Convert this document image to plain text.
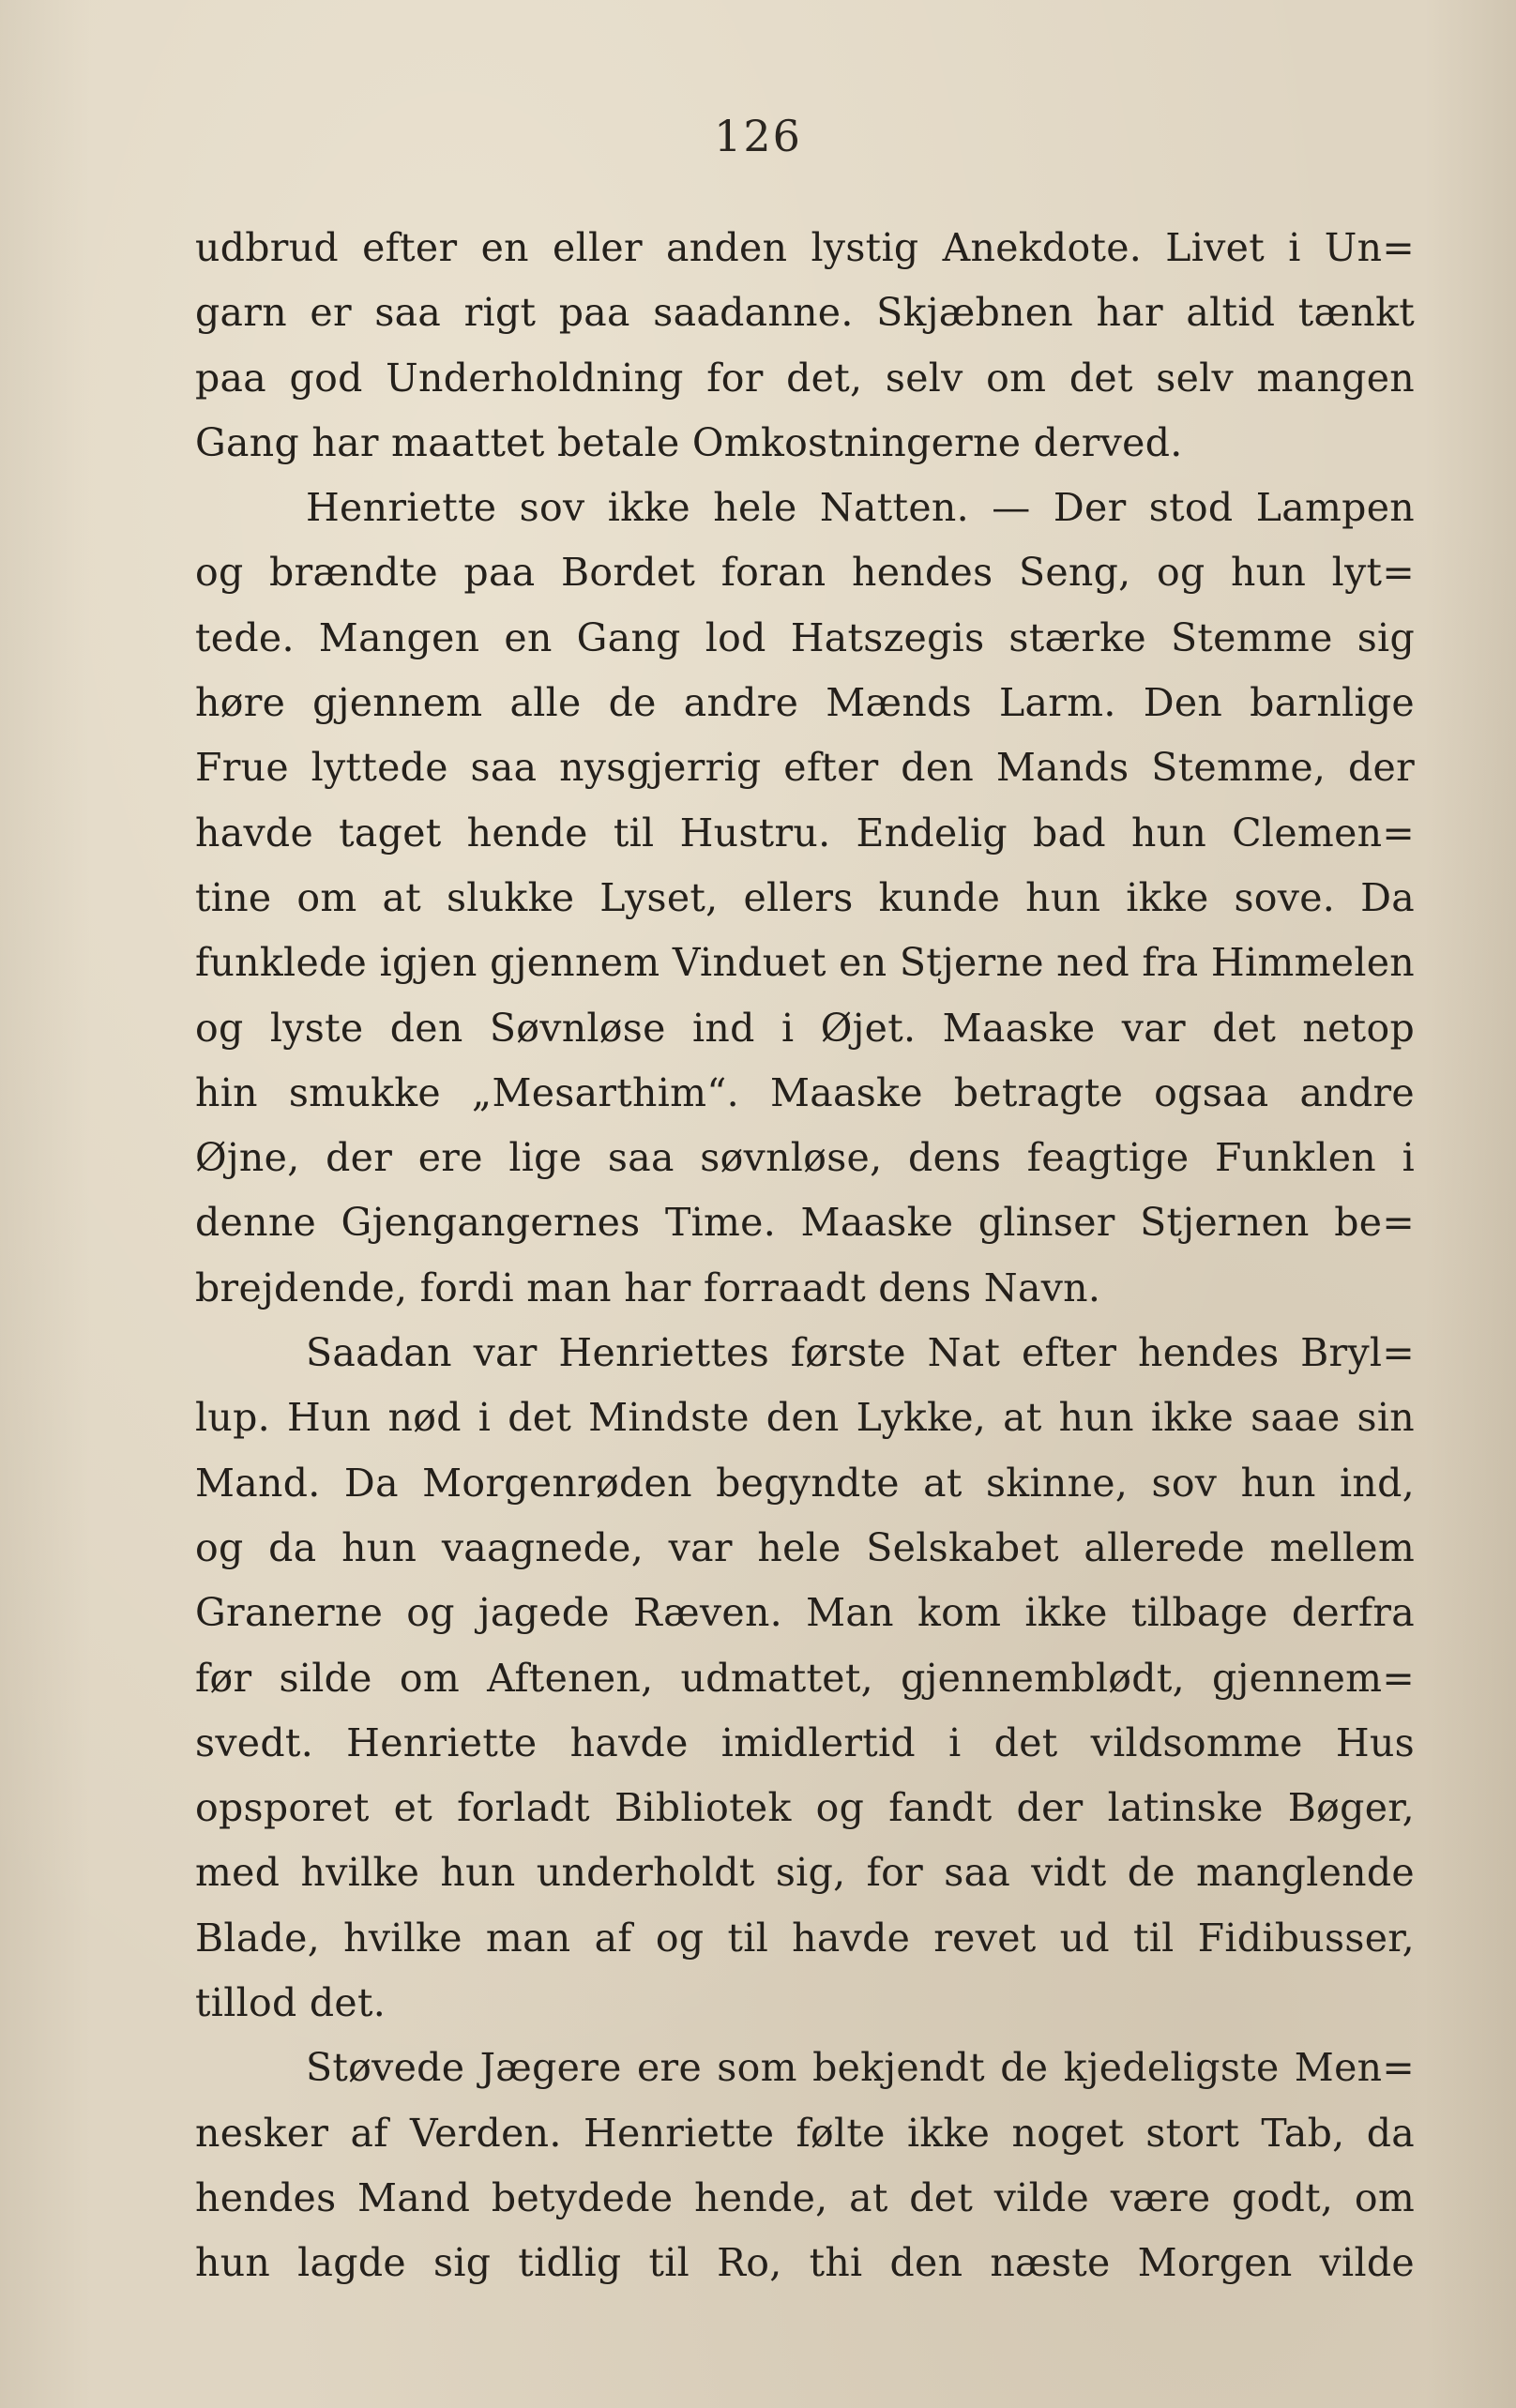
126
udbrud efter en eller anden lystig Anekdote. Livet i Un=
garn er saa rigt paa saadanne. Skjæbnen har altid tænkt
paa god Underholdning for det, selv om det selv mangen
Gang har maattet betale Omkostningerne derved.
Henriette sov ikke hele Natten. — Der stod Lampen
og brændte paa Bordet foran hendes Seng, og hun lyt=
tede. Mangen en Gang lod Hatszegis stærke Stemme sig
høre gjennem alle de andre Mænds Larm. Den barnlige
Frue lyttede saa nysgjerrig efter den Mands Stemme, der
havde taget hende til Hustru. Endelig bad hun Clemen=
tine om at slukke Lyset, ellers kunde hun ikke sove. Da
funklede igjen gjennem Vinduet en Stjerne ned fra Himmelen
og lyste den Søvnløse ind i Øjet. Maaske var det netop
hin smukke „Mesarthim“. Maaske betragte ogsaa andre
Øjne, der ere lige saa søvnløse, dens feagtige Funklen i
denne Gjengangernes Time. Maaske glinser Stjernen be=
brejdende, fordi man har forraadt dens Navn.
Saadan var Henriettes første Nat efter hendes Bryl=
lup. Hun nød i det Mindste den Lykke, at hun ikke saae sin
Mand. Da Morgenrøden begyndte at skinne, sov hun ind,
og da hun vaagnede, var hele Selskabet allerede mellem
Granerne og jagede Ræven. Man kom ikke tilbage derfra
før silde om Aftenen, udmattet, gjennemblødt, gjennem=
svedt. Henriette havde imidlertid i det vildsomme Hus
opsporet et forladt Bibliotek og fandt der latinske Bøger,
med hvilke hun underholdt sig, for saa vidt de manglende
Blade, hvilke man af og til havde revet ud til Fidibusser,
tillod det.
Støvede Jægere ere som bekjendt de kjedeligste Men=
nesker af Verden. Henriette følte ikke noget stort Tab, da
hendes Mand betydede hende, at det vilde være godt, om
hun lagde sig tidlig til Ro, thi den næste Morgen vilde
